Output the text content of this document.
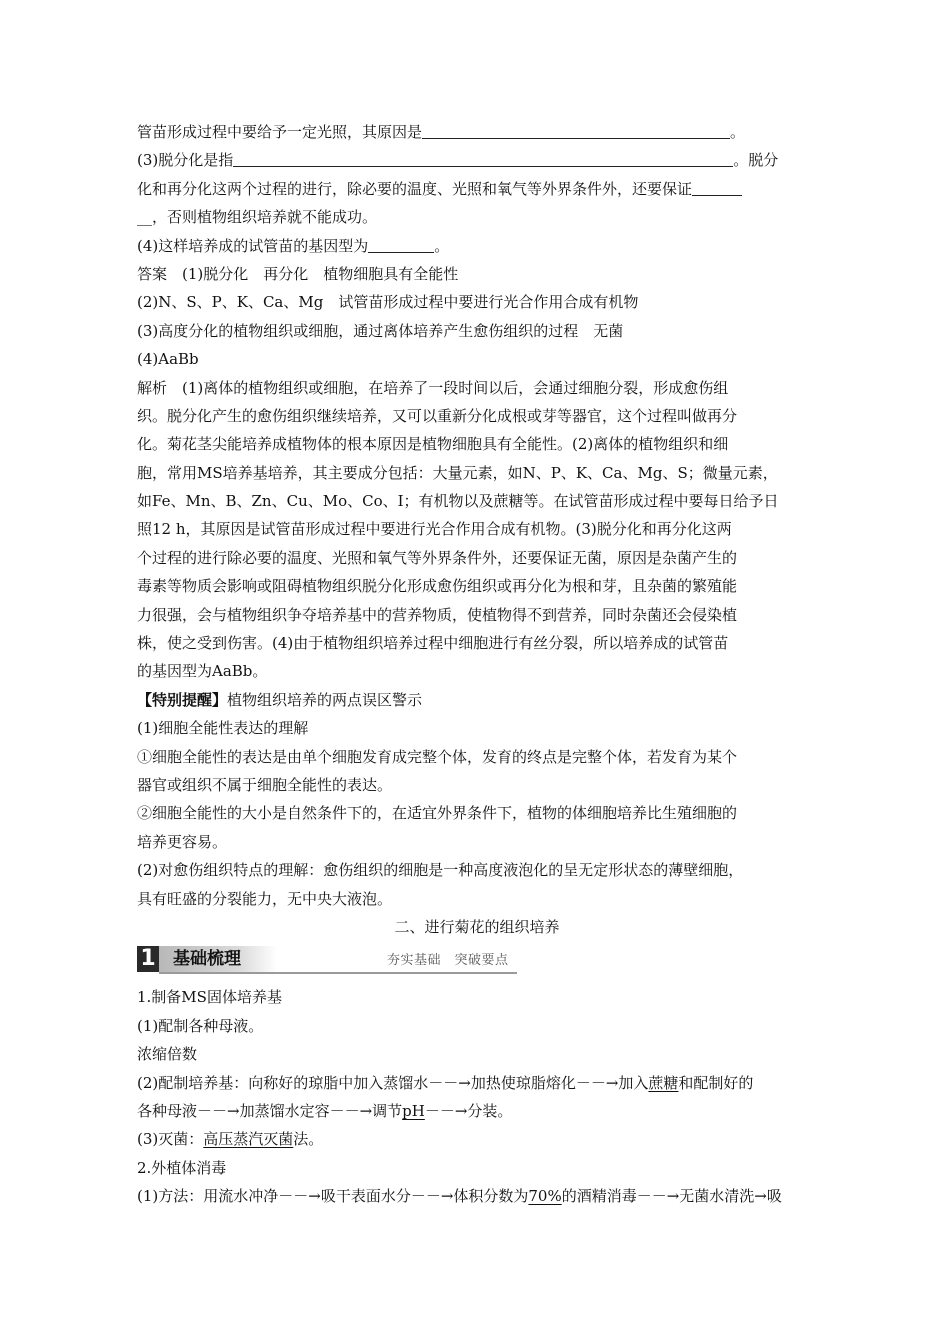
管苗形成过程中要给予一定光照，其原因是	。
(3)脱分化是指	。脱分
化和再分化这两个过程的进行，除必要的温度、光照和氧气等外界条件外，还要保证
__，否则植物组织培养就不能成功。
(4)这样培养成的试管苗的基因型为	。
答案　(1)脱分化　再分化　植物细胞具有全能性
(2)N、S、P、K、Ca、Mg　试管苗形成过程中要进行光合作用合成有机物
(3)高度分化的植物组织或细胞，通过离体培养产生愈伤组织的过程　无菌
(4)AaBb
解析　(1)离体的植物组织或细胞，在培养了一段时间以后，会通过细胞分裂，形成愈伤组
织。脱分化产生的愈伤组织继续培养，又可以重新分化成根或芽等器官，这个过程叫做再分
化。菊花茎尖能培养成植物体的根本原因是植物细胞具有全能性。(2)离体的植物组织和细
胞，常用MS培养基培养，其主要成分包括：大量元素，如N、P、K、Ca、Mg、S；微量元素，
如Fe、Mn、B、Zn、Cu、Mo、Co、I；有机物以及蔗糖等。在试管苗形成过程中要每日给予日
照12 h，其原因是试管苗形成过程中要进行光合作用合成有机物。(3)脱分化和再分化这两
个过程的进行除必要的温度、光照和氧气等外界条件外，还要保证无菌，原因是杂菌产生的
毒素等物质会影响或阻碍植物组织脱分化形成愈伤组织或再分化为根和芽，且杂菌的繁殖能
力很强，会与植物组织争夺培养基中的营养物质，使植物得不到营养，同时杂菌还会侵染植
株，使之受到伤害。(4)由于植物组织培养过程中细胞进行有丝分裂，所以培养成的试管苗
的基因型为AaBb。
【特别提醒】植物组织培养的两点误区警示
(1)细胞全能性表达的理解
①细胞全能性的表达是由单个细胞发育成完整个体，发育的终点是完整个体，若发育为某个
器官或组织不属于细胞全能性的表达。
②细胞全能性的大小是自然条件下的，在适宜外界条件下，植物的体细胞培养比生殖细胞的
培养更容易。
(2)对愈伤组织特点的理解：愈伤组织的细胞是一种高度液泡化的呈无定形状态的薄壁细胞，
具有旺盛的分裂能力，无中央大液泡。
二、进行菊花的组织培养
1 基础梳理	夯实基础　突破要点
1.制备MS固体培养基
(1)配制各种母液。
浓缩倍数
(2)配制培养基：向称好的琼脂中加入蒸馏水－－→加热使琼脂熔化－－→加入蔗糖和配制好的
各种母液－－→加蒸馏水定容－－→调节pH－－→分装。
(3)灭菌：高压蒸汽灭菌法。
2.外植体消毒
(1)方法：用流水冲净－－→吸干表面水分－－→体积分数为70%的酒精消毒－－→无菌水清洗→吸
